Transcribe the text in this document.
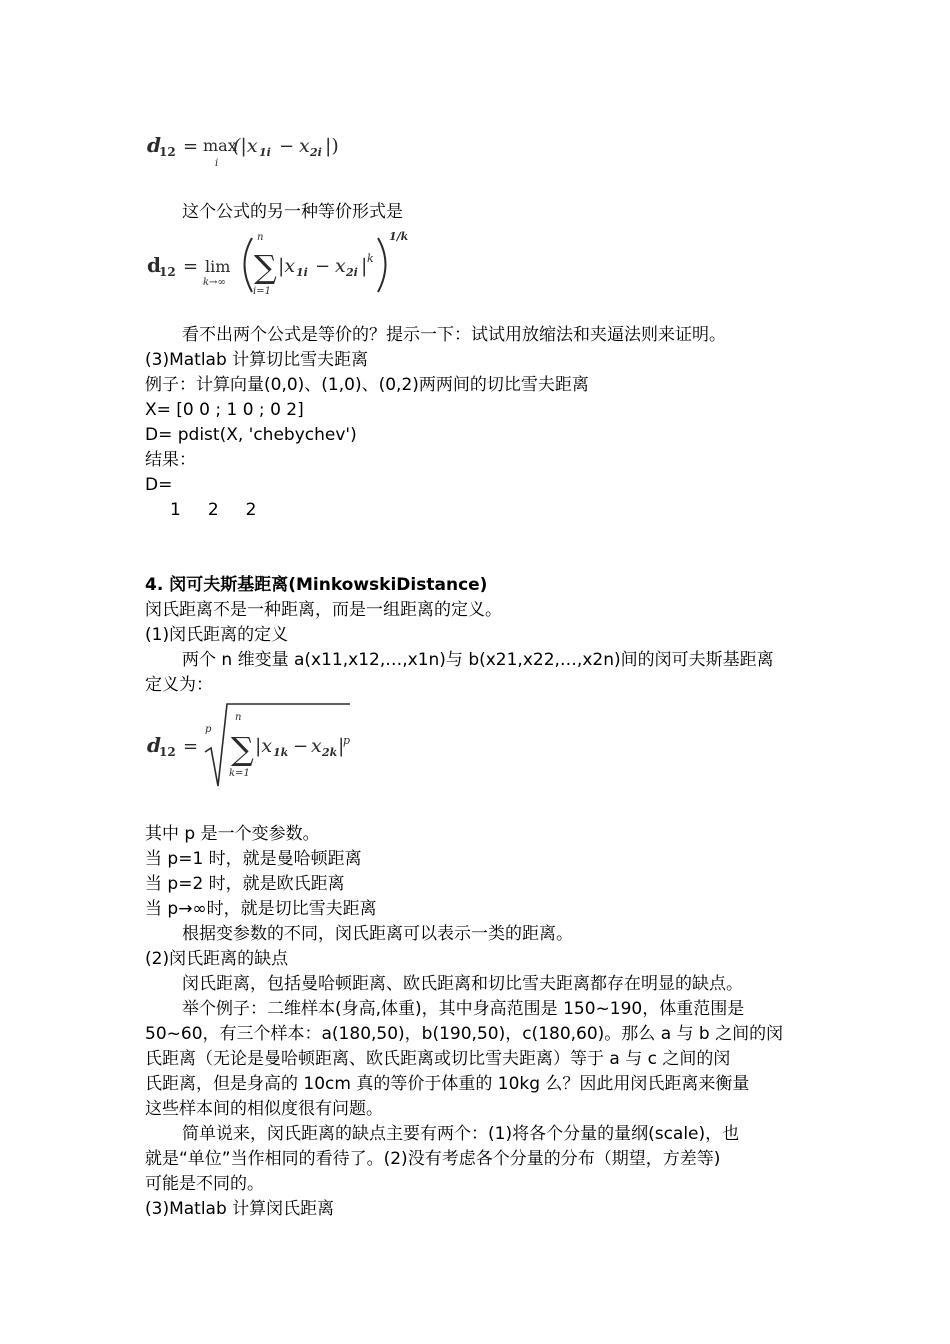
d
12 = max
i
(|x 1i − x 2i |)
这个公式的另一种等价形式是
d
12 = lim
k→∞
n
∑
i=1
|x 1i − x 2i | k
1/k
看不出两个公式是等价的？提示一下：试试用放缩法和夹逼法则来证明。
(3)Matlab 计算切比雪夫距离
例子：计算向量(0,0)、(1,0)、(0,2)两两间的切比雪夫距离
X= [0 0 ; 1 0 ; 0 2]
D= pdist(X, 'chebychev')
结果：
D=
1     2     2
4. 闵可夫斯基距离(MinkowskiDistance)
闵氏距离不是一种距离，而是一组距离的定义。
(1)闵氏距离的定义
两个 n 维变量 a(x11,x12,…,x1n)与 b(x21,x22,…,x2n)间的闵可夫斯基距离
定义为：
d
12 =
p
n
∑
k=1
|x 1k − x 2k |
p
其中 p 是一个变参数。
当 p=1 时，就是曼哈顿距离
当 p=2 时，就是欧氏距离
当 p→∞时，就是切比雪夫距离
根据变参数的不同，闵氏距离可以表示一类的距离。
(2)闵氏距离的缺点
闵氏距离，包括曼哈顿距离、欧氏距离和切比雪夫距离都存在明显的缺点。
举个例子：二维样本(身高,体重)，其中身高范围是 150~190，体重范围是
50~60，有三个样本：a(180,50)，b(190,50)，c(180,60)。那么 a 与 b 之间的闵
氏距离（无论是曼哈顿距离、欧氏距离或切比雪夫距离）等于 a 与 c 之间的闵
氏距离，但是身高的 10cm 真的等价于体重的 10kg 么？因此用闵氏距离来衡量
这些样本间的相似度很有问题。
简单说来，闵氏距离的缺点主要有两个：(1)将各个分量的量纲(scale)，也
就是“单位”当作相同的看待了。(2)没有考虑各个分量的分布（期望，方差等)
可能是不同的。
(3)Matlab 计算闵氏距离
